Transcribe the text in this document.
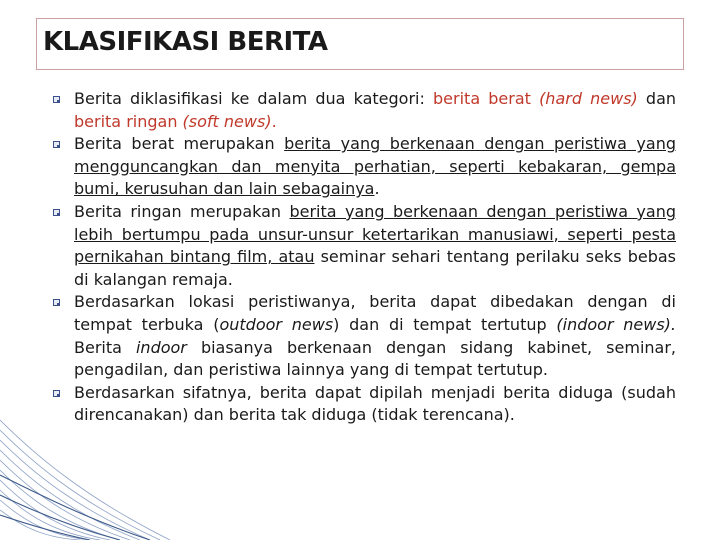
KLASIFIKASI BERITA
Berita diklasifikasi ke dalam dua kategori: berita berat (hard news) dan berita ringan (soft news).
Berita berat merupakan berita yang berkenaan dengan peristiwa yang mengguncangkan dan menyita perhatian, seperti kebakaran, gempa bumi, kerusuhan dan lain sebagainya.
Berita ringan merupakan berita yang berkenaan dengan peristiwa yang lebih bertumpu pada unsur-unsur ketertarikan manusiawi, seperti pesta pernikahan bintang film, atau seminar sehari tentang perilaku seks bebas di kalangan remaja.
Berdasarkan lokasi peristiwanya, berita dapat dibedakan dengan di tempat terbuka (outdoor news) dan di tempat tertutup (indoor news). Berita indoor biasanya berkenaan dengan sidang kabinet, seminar, pengadilan, dan peristiwa lainnya yang di tempat tertutup.
Berdasarkan sifatnya, berita dapat dipilah menjadi berita diduga (sudah direncanakan) dan berita tak diduga (tidak terencana).
